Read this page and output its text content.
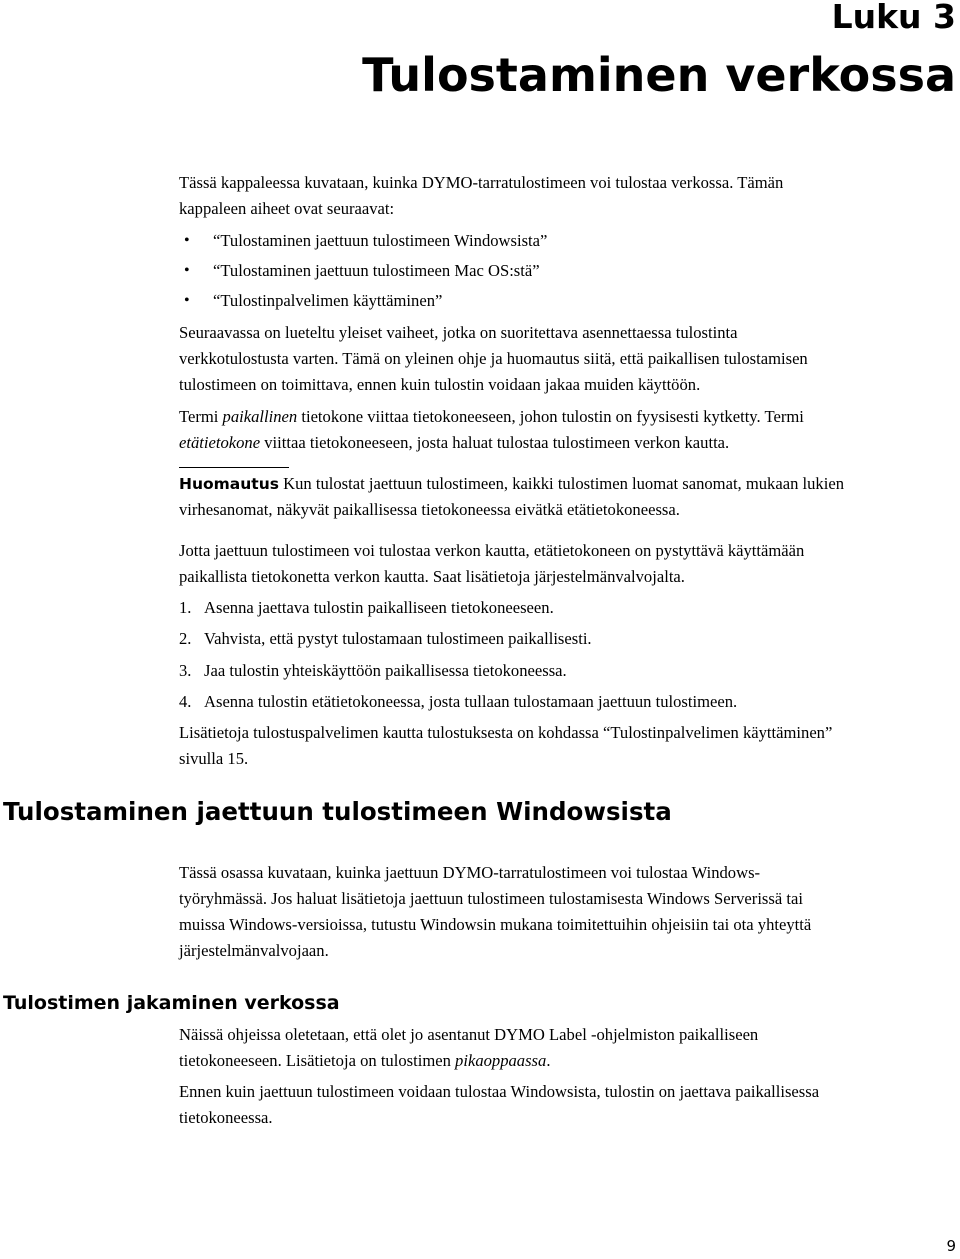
Luku 3
Tulostaminen verkossa

Tässä kappaleessa kuvataan, kuinka DYMO-tarratulostimeen voi tulostaa verkossa. Tämän

kappaleen aiheet ovat seuraavat:

• “Tulostaminen jaettuun tulostimeen Windowsista”

• “Tulostaminen jaettuun tulostimeen Mac OS:stä”

• “Tulostinpalvelimen käyttäminen”

Seuraavassa on lueteltu yleiset vaiheet, jotka on suoritettava asennettaessa tulostinta

verkkotulostusta varten. Tämä on yleinen ohje ja huomautus siitä, että paikallisen tulostamisen

tulostimeen on toimittava, ennen kuin tulostin voidaan jakaa muiden käyttöön.

Termi paikallinen tietokone viittaa tietokoneeseen, johon tulostin on fyysisesti kytketty. Termi

etätietokone viittaa tietokoneeseen, josta haluat tulostaa tulostimeen verkon kautta.

Huomautus Kun tulostat jaettuun tulostimeen, kaikki tulostimen luomat sanomat, mukaan lukien

virhesanomat, näkyvät paikallisessa tietokoneessa eivätkä etätietokoneessa.

Jotta jaettuun tulostimeen voi tulostaa verkon kautta, etätietokoneen on pystyttävä käyttämään

paikallista tietokonetta verkon kautta. Saat lisätietoja järjestelmänvalvojalta.

1. Asenna jaettava tulostin paikalliseen tietokoneeseen.

2. Vahvista, että pystyt tulostamaan tulostimeen paikallisesti.

3. Jaa tulostin yhteiskäyttöön paikallisessa tietokoneessa.

4. Asenna tulostin etätietokoneessa, josta tullaan tulostamaan jaettuun tulostimeen.

Lisätietoja tulostuspalvelimen kautta tulostuksesta on kohdassa “Tulostinpalvelimen käyttäminen”

sivulla 15.

Tulostaminen jaettuun tulostimeen Windowsista

Tässä osassa kuvataan, kuinka jaettuun DYMO-tarratulostimeen voi tulostaa Windows-

työryhmässä. Jos haluat lisätietoja jaettuun tulostimeen tulostamisesta Windows Serverissä tai

muissa Windows-versioissa, tutustu Windowsin mukana toimitettuihin ohjeisiin tai ota yhteyttä

järjestelmänvalvojaan.

Tulostimen jakaminen verkossa

Näissä ohjeissa oletetaan, että olet jo asentanut DYMO Label -ohjelmiston paikalliseen

tietokoneeseen. Lisätietoja on tulostimen pikaoppaassa.

Ennen kuin jaettuun tulostimeen voidaan tulostaa Windowsista, tulostin on jaettava paikallisessa

tietokoneessa.

9
